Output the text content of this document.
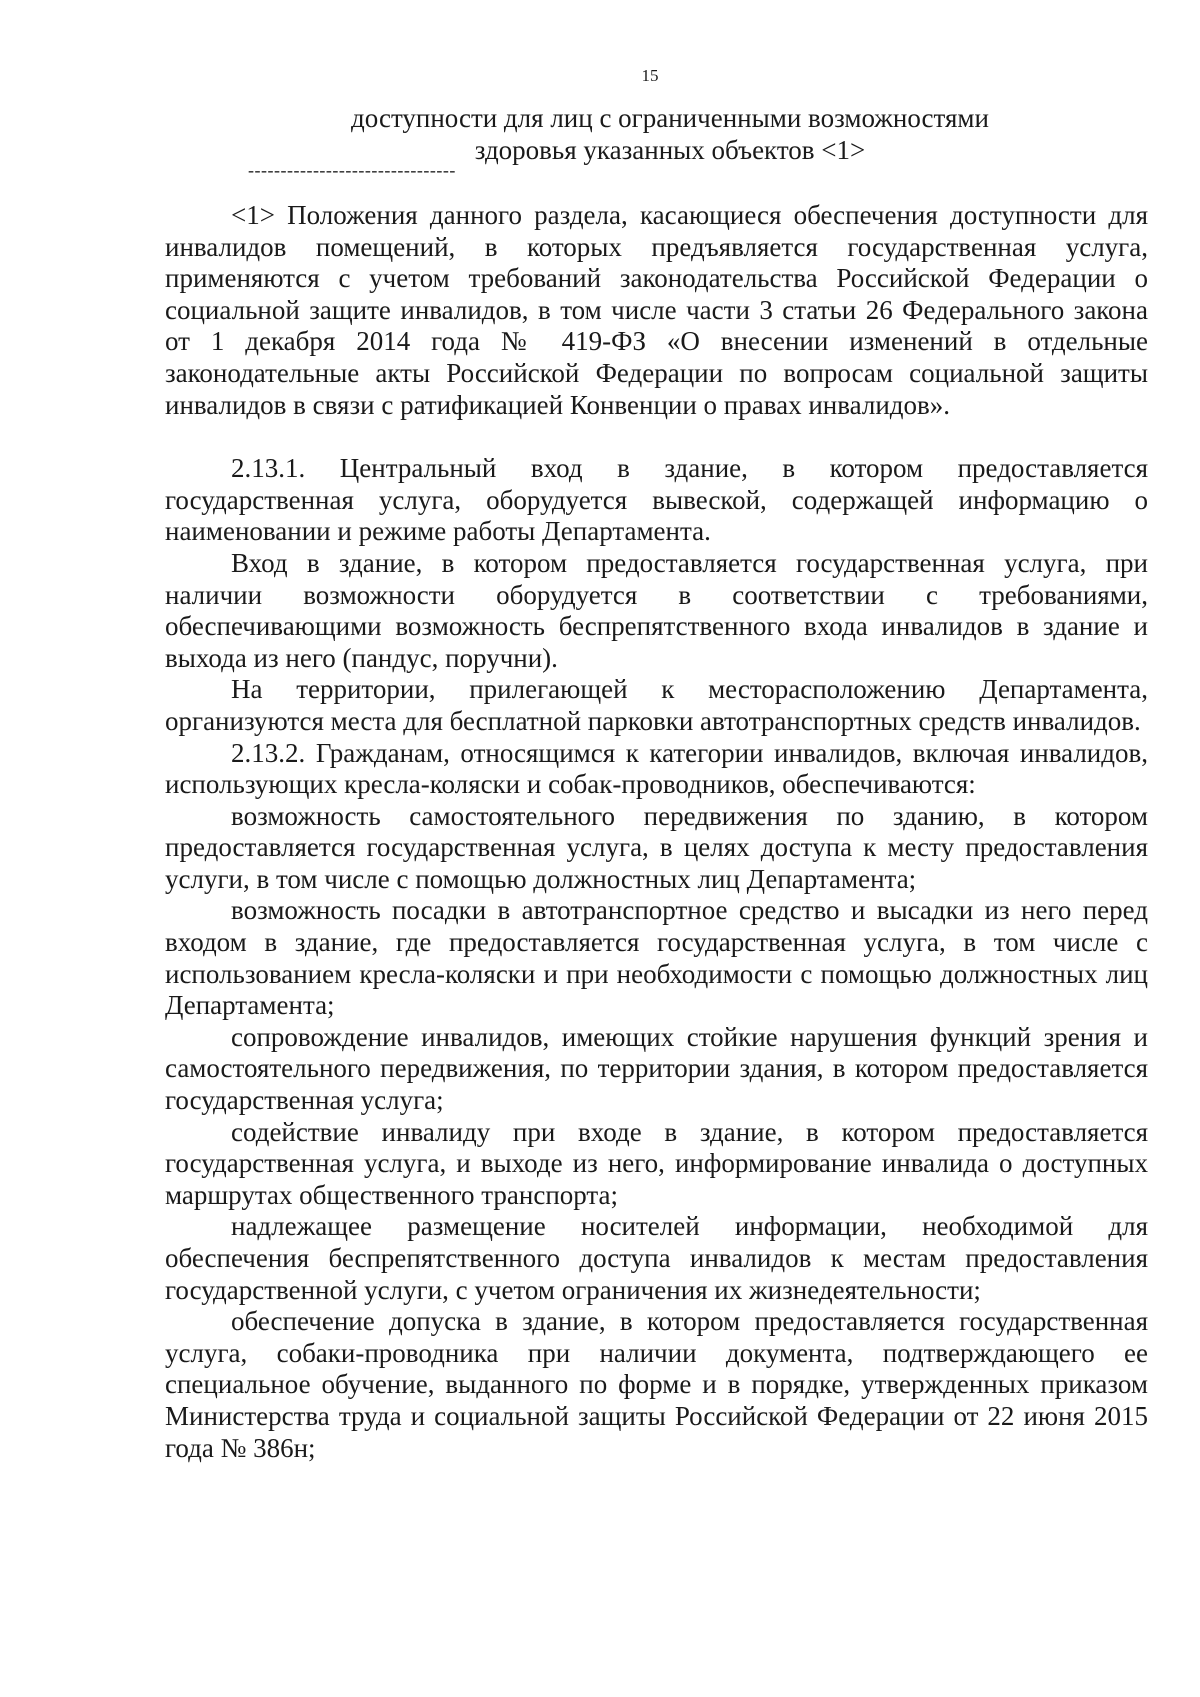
15
доступности для лиц с ограниченными возможностями
здоровья указанных объектов <1>
--------------------------------

<1> Положения данного раздела, касающиеся обеспечения доступности для инвалидов помещений, в которых предъявляется государственная услуга, применяются с учетом требований законодательства Российской Федерации о социальной защите инвалидов, в том числе части 3 статьи 26 Федерального закона от 1 декабря 2014 года № 419-ФЗ «О внесении изменений в отдельные законодательные акты Российской Федерации по вопросам социальной защиты инвалидов в связи с ратификацией Конвенции о правах инвалидов».

2.13.1. Центральный вход в здание, в котором предоставляется государственная услуга, оборудуется вывеской, содержащей информацию о наименовании и режиме работы Департамента.

Вход в здание, в котором предоставляется государственная услуга, при наличии возможности оборудуется в соответствии с требованиями, обеспечивающими возможность беспрепятственного входа инвалидов в здание и выхода из него (пандус, поручни).

На территории, прилегающей к месторасположению Департамента, организуются места для бесплатной парковки автотранспортных средств инвалидов.

2.13.2. Гражданам, относящимся к категории инвалидов, включая инвалидов, использующих кресла-коляски и собак-проводников, обеспечиваются:

возможность самостоятельного передвижения по зданию, в котором предоставляется государственная услуга, в целях доступа к месту предоставления услуги, в том числе с помощью должностных лиц Департамента;

возможность посадки в автотранспортное средство и высадки из него перед входом в здание, где предоставляется государственная услуга, в том числе с использованием кресла-коляски и при необходимости с помощью должностных лиц Департамента;

сопровождение инвалидов, имеющих стойкие нарушения функций зрения и самостоятельного передвижения, по территории здания, в котором предоставляется государственная услуга;

содействие инвалиду при входе в здание, в котором предоставляется государственная услуга, и выходе из него, информирование инвалида о доступных маршрутах общественного транспорта;

надлежащее размещение носителей информации, необходимой для обеспечения беспрепятственного доступа инвалидов к местам предоставления государственной услуги, с учетом ограничения их жизнедеятельности;

обеспечение допуска в здание, в котором предоставляется государственная услуга, собаки-проводника при наличии документа, подтверждающего ее специальное обучение, выданного по форме и в порядке, утвержденных приказом Министерства труда и социальной защиты Российской Федерации от 22 июня 2015 года № 386н;
